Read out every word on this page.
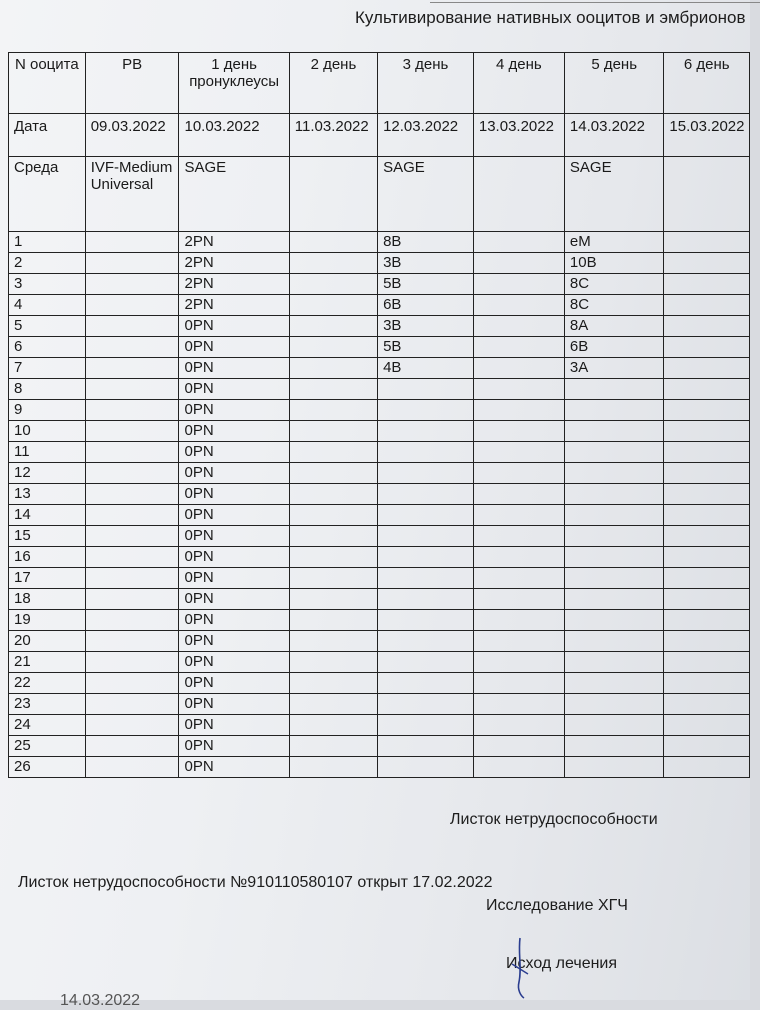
Культивирование нативных ооцитов и эмбрионов
N ооцита	PB	1 день пронуклеусы	2 день	3 день	4 день	5 день	6 день
Дата	09.03.2022	10.03.2022	11.03.2022	12.03.2022	13.03.2022	14.03.2022	15.03.2022
Среда	IVF-Medium Universal	SAGE		SAGE		SAGE	
1		2PN		8B		eM	
2		2PN		3B		10B	
3		2PN		5B		8C	
4		2PN		6B		8C	
5		0PN		3B		8A	
6		0PN		5B		6B	
7		0PN		4B		3A	
8		0PN					
9		0PN					
10		0PN					
11		0PN					
12		0PN					
13		0PN					
14		0PN					
15		0PN					
16		0PN					
17		0PN					
18		0PN					
19		0PN					
20		0PN					
21		0PN					
22		0PN					
23		0PN					
24		0PN					
25		0PN					
26		0PN					
Листок нетрудоспособности
Листок нетрудоспособности №910110580107 открыт 17.02.2022
Исследование ХГЧ
Исход лечения
14.03.2022
